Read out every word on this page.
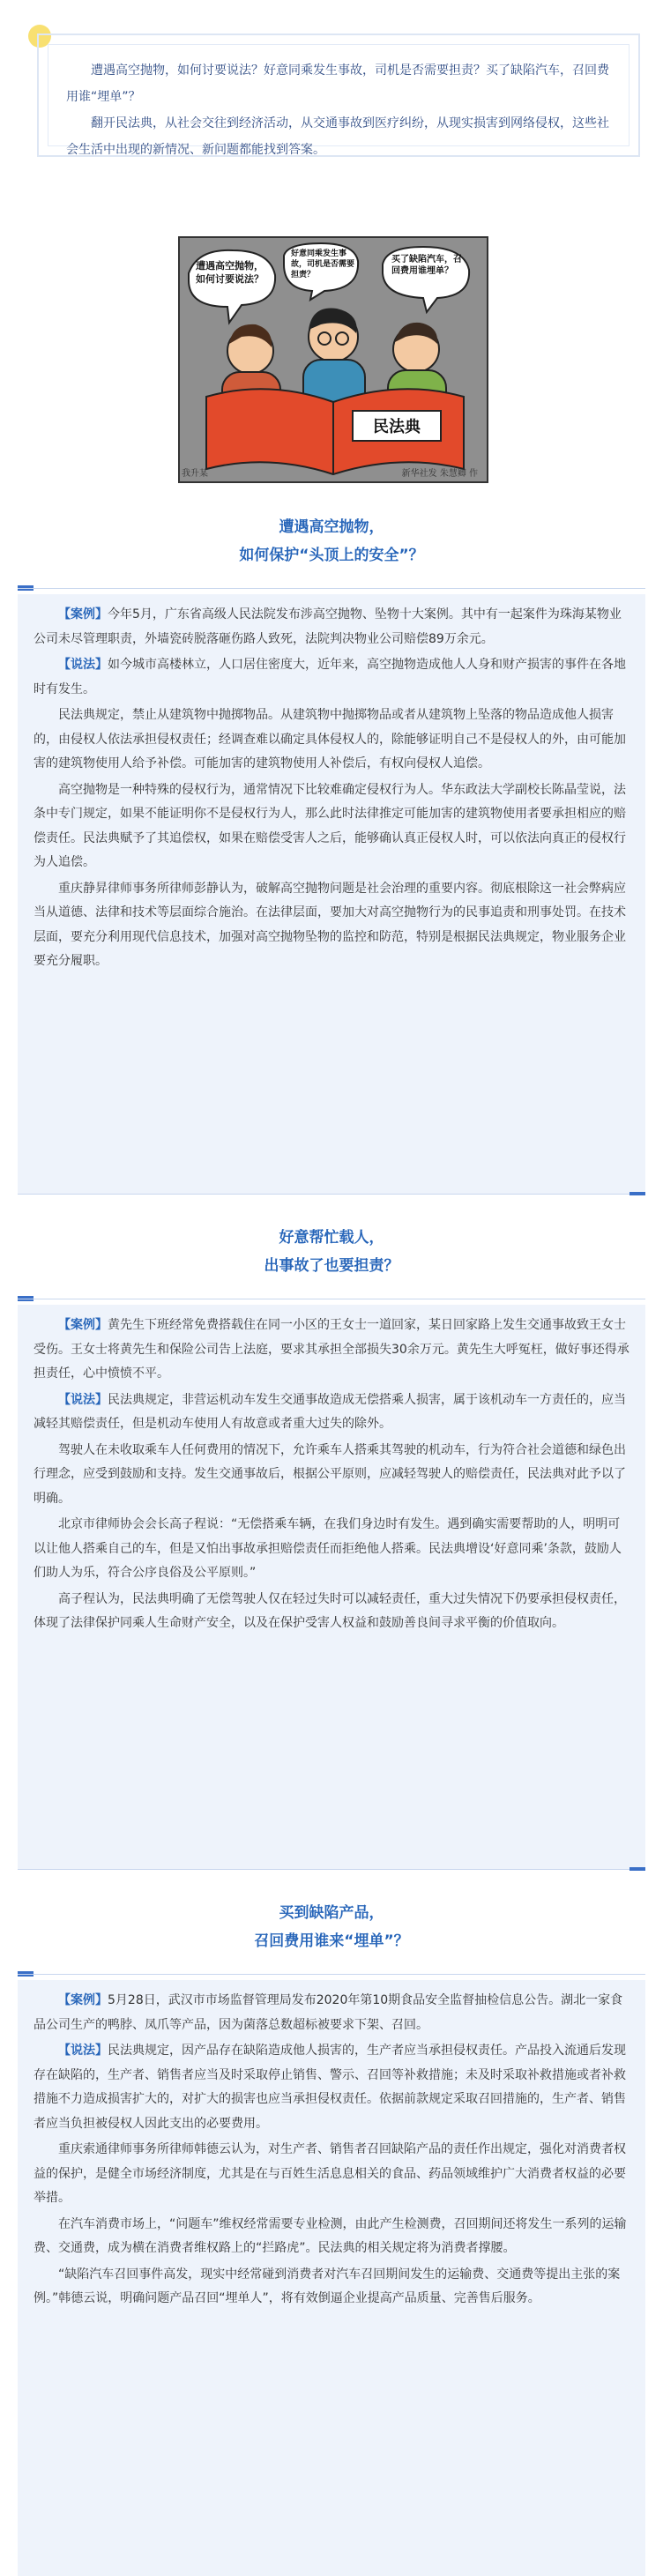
遭遇高空抛物，如何讨要说法？好意同乘发生事故，司机是否需要担责？买了缺陷汽车，召回费用谁“埋单”？

翻开民法典，从社会交往到经济活动，从交通事故到医疗纠纷，从现实损害到网络侵权，这些社会生活中出现的新情况、新问题都能找到答案。

遭遇高空抛物，如何讨要说法？
好意同乘发生事故，司机是否需要担责？
买了缺陷汽车，召回费用谁埋单？
民法典
我升某	新华社发 朱慧卿 作
遭遇高空抛物，
如何保护“头顶上的安全”？

【案例】今年5月，广东省高级人民法院发布涉高空抛物、坠物十大案例。其中有一起案件为珠海某物业公司未尽管理职责，外墙瓷砖脱落砸伤路人致死，法院判决物业公司赔偿89万余元。

【说法】如今城市高楼林立，人口居住密度大，近年来，高空抛物造成他人人身和财产损害的事件在各地时有发生。

民法典规定，禁止从建筑物中抛掷物品。从建筑物中抛掷物品或者从建筑物上坠落的物品造成他人损害的，由侵权人依法承担侵权责任；经调查难以确定具体侵权人的，除能够证明自己不是侵权人的外，由可能加害的建筑物使用人给予补偿。可能加害的建筑物使用人补偿后，有权向侵权人追偿。

高空抛物是一种特殊的侵权行为，通常情况下比较难确定侵权行为人。华东政法大学副校长陈晶莹说，法条中专门规定，如果不能证明你不是侵权行为人，那么此时法律推定可能加害的建筑物使用者要承担相应的赔偿责任。民法典赋予了其追偿权，如果在赔偿受害人之后，能够确认真正侵权人时，可以依法向真正的侵权行为人追偿。

重庆静昇律师事务所律师彭静认为，破解高空抛物问题是社会治理的重要内容。彻底根除这一社会弊病应当从道德、法律和技术等层面综合施治。在法律层面，要加大对高空抛物行为的民事追责和刑事处罚。在技术层面，要充分利用现代信息技术，加强对高空抛物坠物的监控和防范，特别是根据民法典规定，物业服务企业要充分履职。

好意帮忙载人，
出事故了也要担责？

【案例】黄先生下班经常免费搭载住在同一小区的王女士一道回家，某日回家路上发生交通事故致王女士受伤。王女士将黄先生和保险公司告上法庭，要求其承担全部损失30余万元。黄先生大呼冤枉，做好事还得承担责任，心中愤愤不平。

【说法】民法典规定，非营运机动车发生交通事故造成无偿搭乘人损害，属于该机动车一方责任的，应当减轻其赔偿责任，但是机动车使用人有故意或者重大过失的除外。

驾驶人在未收取乘车人任何费用的情况下，允许乘车人搭乘其驾驶的机动车，行为符合社会道德和绿色出行理念，应受到鼓励和支持。发生交通事故后，根据公平原则，应减轻驾驶人的赔偿责任，民法典对此予以了明确。

北京市律师协会会长高子程说：“无偿搭乘车辆，在我们身边时有发生。遇到确实需要帮助的人，明明可以让他人搭乘自己的车，但是又怕出事故承担赔偿责任而拒绝他人搭乘。民法典增设‘好意同乘’条款，鼓励人们助人为乐，符合公序良俗及公平原则。”

高子程认为，民法典明确了无偿驾驶人仅在轻过失时可以减轻责任，重大过失情况下仍要承担侵权责任，体现了法律保护同乘人生命财产安全，以及在保护受害人权益和鼓励善良间寻求平衡的价值取向。

买到缺陷产品，
召回费用谁来“埋单”？

【案例】5月28日，武汉市市场监督管理局发布2020年第10期食品安全监督抽检信息公告。湖北一家食品公司生产的鸭脖、凤爪等产品，因为菌落总数超标被要求下架、召回。

【说法】民法典规定，因产品存在缺陷造成他人损害的，生产者应当承担侵权责任。产品投入流通后发现存在缺陷的，生产者、销售者应当及时采取停止销售、警示、召回等补救措施；未及时采取补救措施或者补救措施不力造成损害扩大的，对扩大的损害也应当承担侵权责任。依据前款规定采取召回措施的，生产者、销售者应当负担被侵权人因此支出的必要费用。

重庆索通律师事务所律师韩德云认为，对生产者、销售者召回缺陷产品的责任作出规定，强化对消费者权益的保护，是健全市场经济制度，尤其是在与百姓生活息息相关的食品、药品领域维护广大消费者权益的必要举措。

在汽车消费市场上，“问题车”维权经常需要专业检测，由此产生检测费，召回期间还将发生一系列的运输费、交通费，成为横在消费者维权路上的“拦路虎”。民法典的相关规定将为消费者撑腰。

“缺陷汽车召回事件高发，现实中经常碰到消费者对汽车召回期间发生的运输费、交通费等提出主张的案例。”韩德云说，明确问题产品召回“埋单人”，将有效倒逼企业提高产品质量、完善售后服务。
